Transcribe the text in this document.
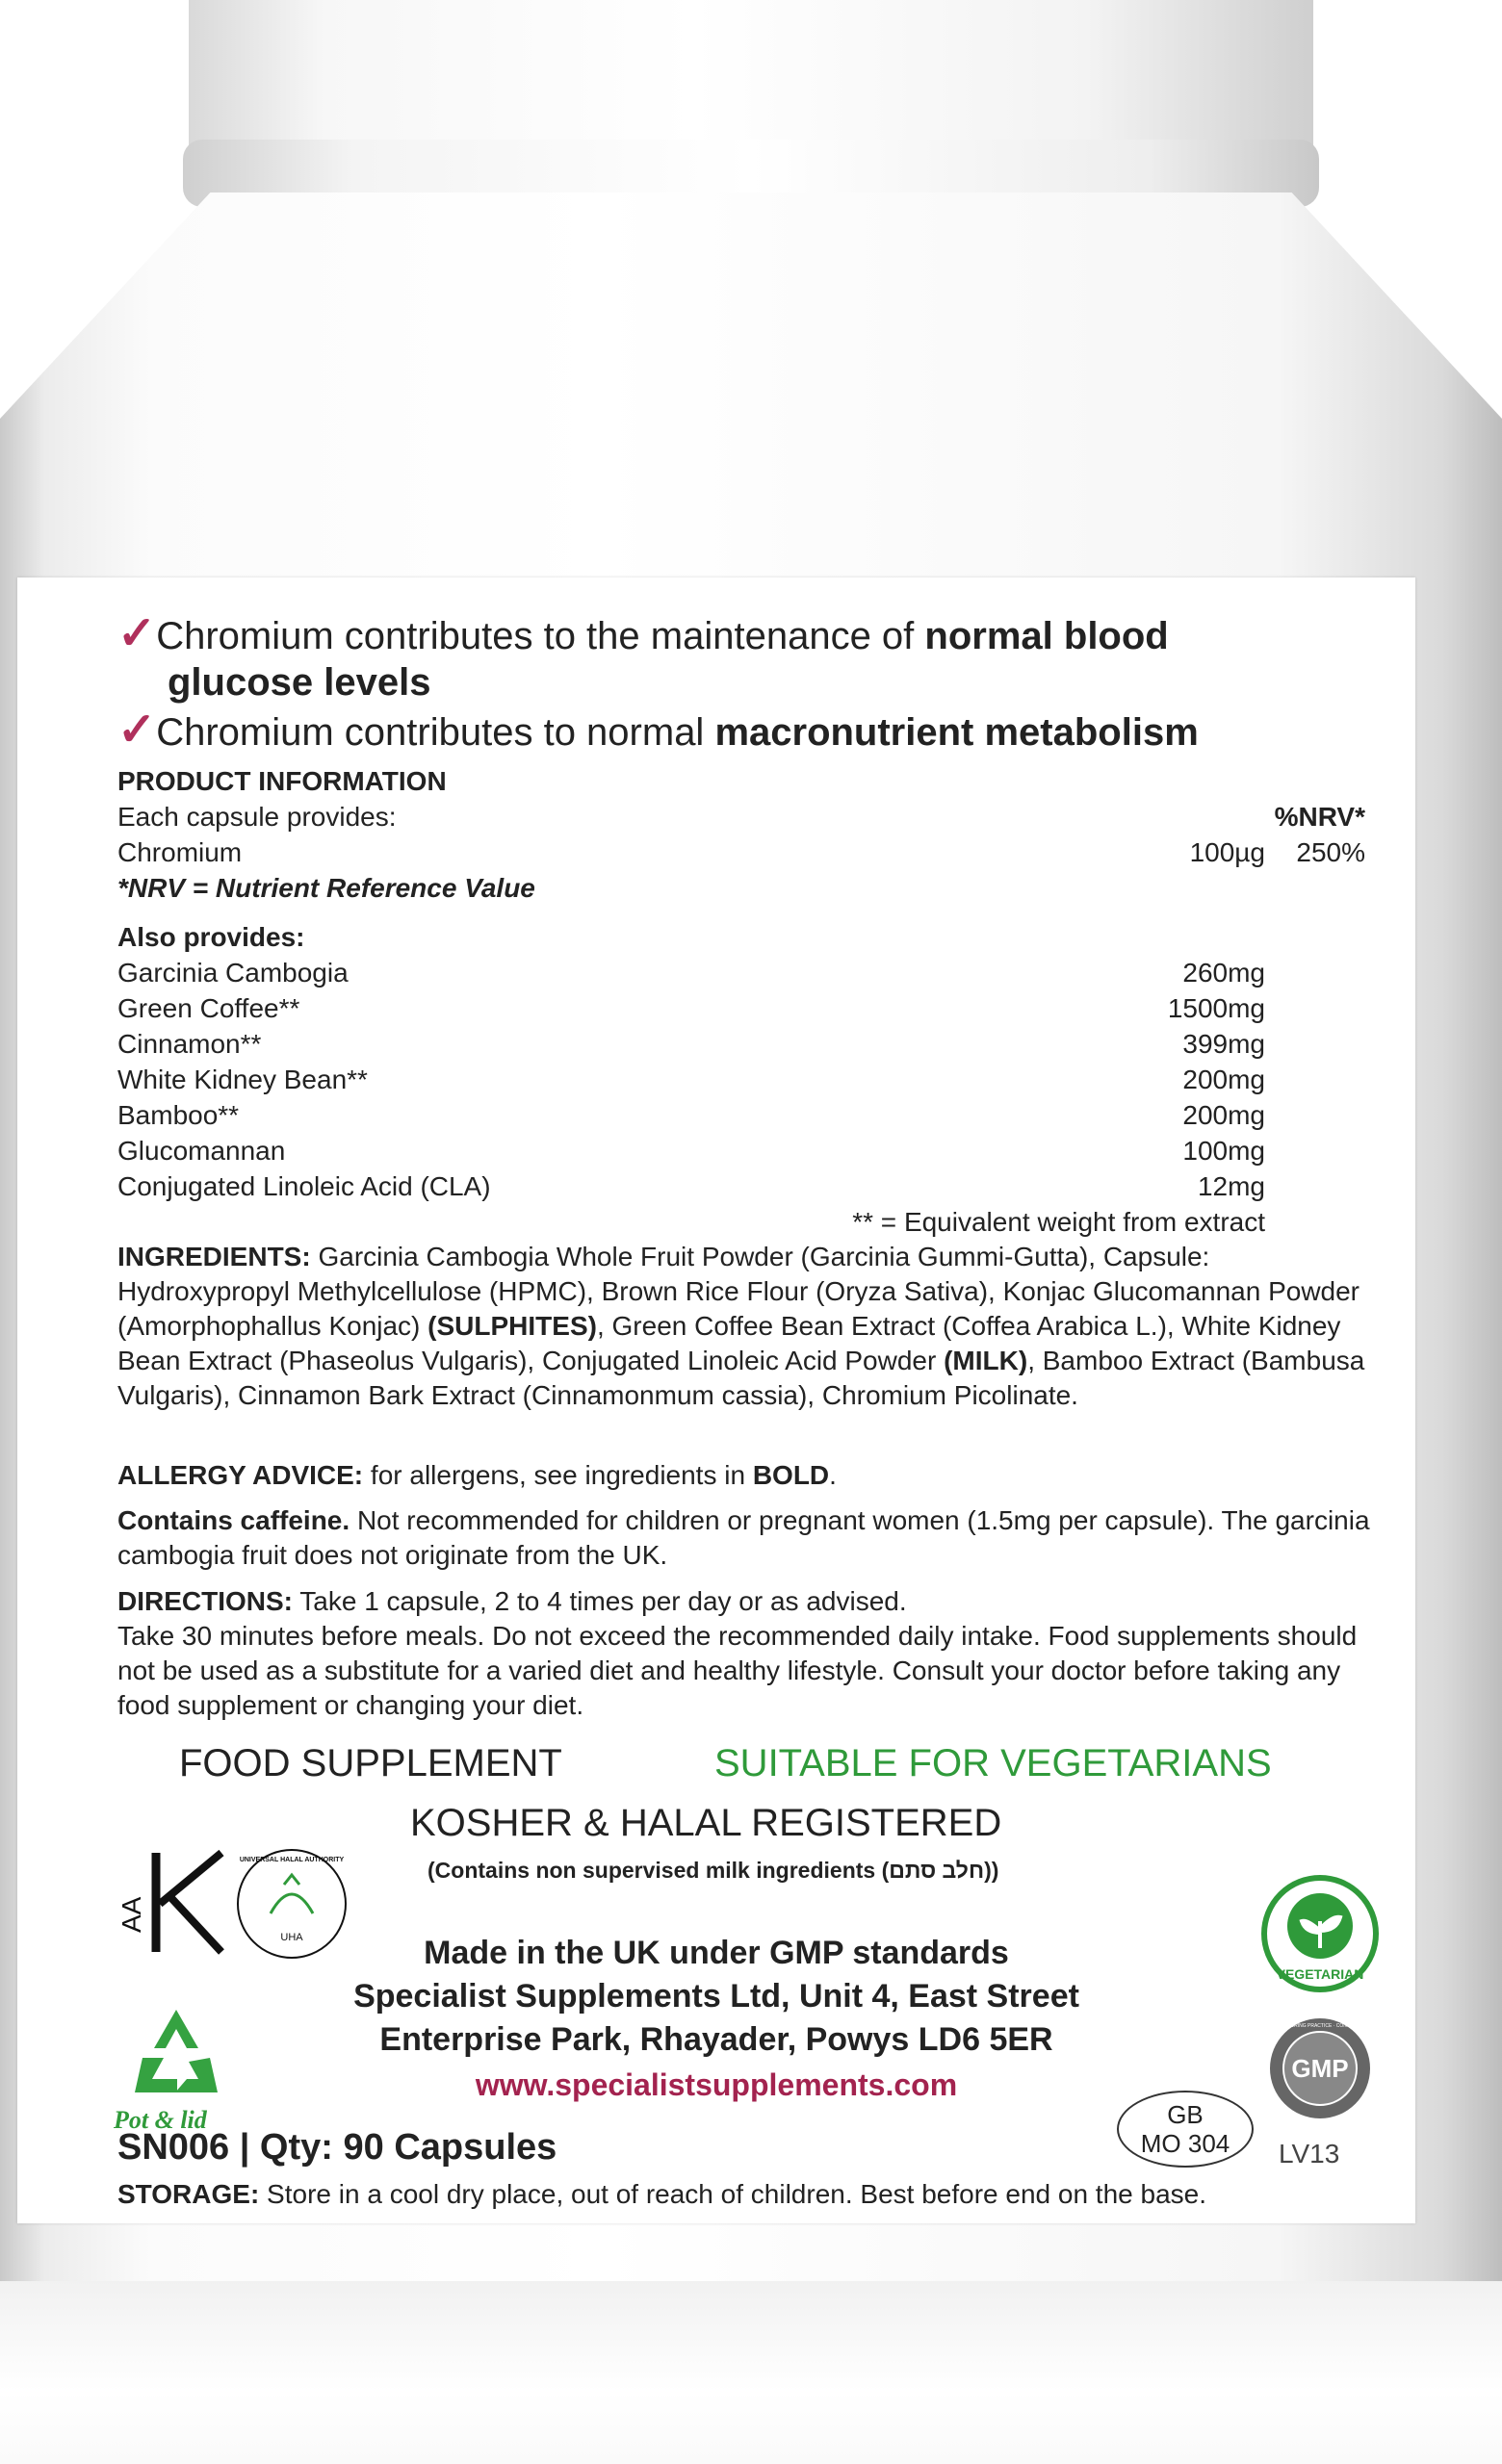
✓Chromium contributes to the maintenance of normal blood
glucose levels
✓Chromium contributes to normal macronutrient metabolism
PRODUCT INFORMATION
Each capsule provides:	%NRV*
Chromium	100µg 250%
*NRV = Nutrient Reference Value
Also provides:
Garcinia Cambogia	260mg
Green Coffee**	1500mg
Cinnamon**	399mg
White Kidney Bean**	200mg
Bamboo**	200mg
Glucomannan	100mg
Conjugated Linoleic Acid (CLA)	12mg
** = Equivalent weight from extract
INGREDIENTS: Garcinia Cambogia Whole Fruit Powder (Garcinia Gummi-Gutta), Capsule: Hydroxypropyl Methylcellulose (HPMC), Brown Rice Flour (Oryza Sativa), Konjac Glucomannan Powder (Amorphophallus Konjac) (SULPHITES), Green Coffee Bean Extract (Coffea Arabica L.), White Kidney Bean Extract (Phaseolus Vulgaris), Conjugated Linoleic Acid Powder (MILK), Bamboo Extract (Bambusa Vulgaris), Cinnamon Bark Extract (Cinnamonmum cassia), Chromium Picolinate.
ALLERGY ADVICE: for allergens, see ingredients in BOLD.
Contains caffeine. Not recommended for children or pregnant women (1.5mg per capsule). The garcinia cambogia fruit does not originate from the UK.
DIRECTIONS: Take 1 capsule, 2 to 4 times per day or as advised.
Take 30 minutes before meals. Do not exceed the recommended daily intake. Food supplements should not be used as a substitute for a varied diet and healthy lifestyle. Consult your doctor before taking any food supplement or changing your diet.
FOOD SUPPLEMENT	SUITABLE FOR VEGETARIANS
KOSHER & HALAL REGISTERED
(Contains non supervised milk ingredients (חלב סתם))
AA
UHA
UNIVERSAL HALAL AUTHORITY
Made in the UK under GMP standards
Specialist Supplements Ltd, Unit 4, East Street
Enterprise Park, Rhayader, Powys LD6 5ER
www.specialistsupplements.com
Pot & lid
VEGETARIAN
GMP
GOOD MANUFACTURING PRACTICE · CONSISTENT QUALITY ·
GB
MO 304	LV13
SN006 | Qty: 90 Capsules
STORAGE: Store in a cool dry place, out of reach of children. Best before end on the base.
